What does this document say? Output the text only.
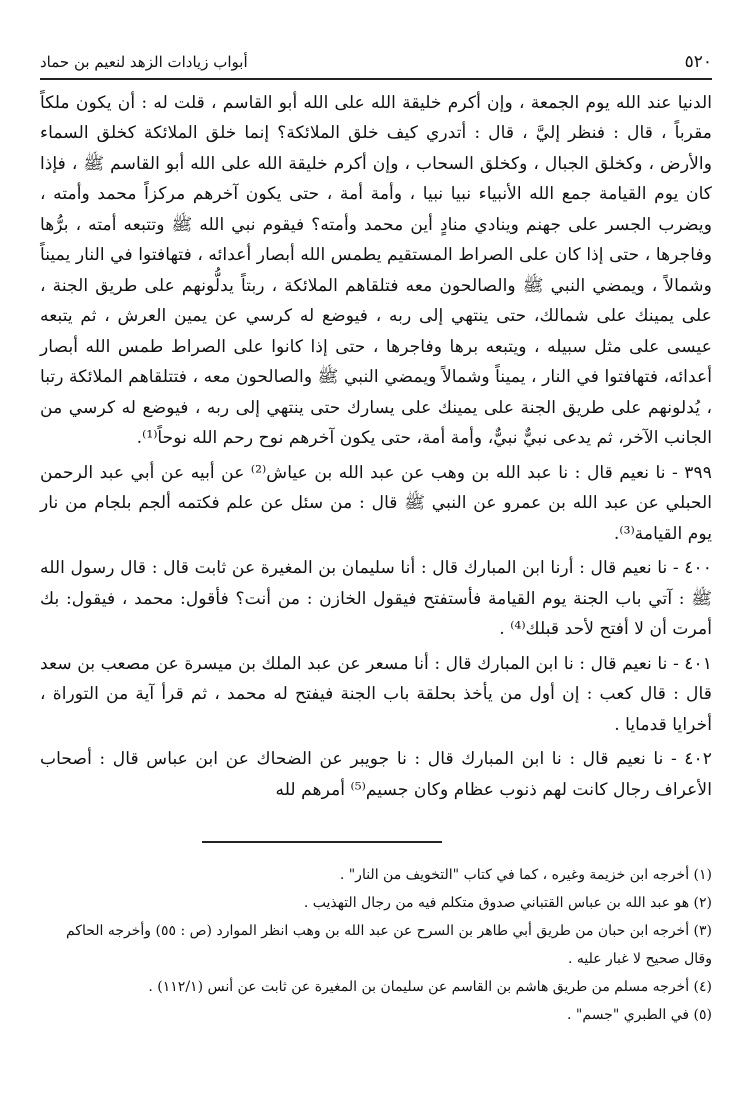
٥٢٠
أبواب زيادات الزهد لنعيم بن حماد

الدنيا عند الله يوم الجمعة ، وإن أكرم خليقة الله على الله أبو القاسم ، قلت له : أن يكون ملكاً مقرباً ، قال : فنظر إليَّ ، قال : أتدري كيف خلق الملائكة؟ إنما خلق الملائكة كخلق السماء والأرض ، وكخلق الجبال ، وكخلق السحاب ، وإن أكرم خليقة الله على الله أبو القاسم ﷺ ، فإذا كان يوم القيامة جمع الله الأنبياء نبيا نبيا ، وأمة أمة ، حتى يكون آخرهم مركزاً محمد وأمته ، ويضرب الجسر على جهنم وينادي منادٍ أين محمد وأمته؟ فيقوم نبي الله ﷺ وتتبعه أمته ، برُّها وفاجرها ، حتى إذا كان على الصراط المستقيم يطمس الله أبصار أعدائه ، فتهافتوا في النار يميناً وشمالاً ، ويمضي النبي ﷺ والصالحون معه فتلقاهم الملائكة ، ربتاً يدلُّونهم على طريق الجنة ، على يمينك على شمالك، حتى ينتهي إلى ربه ، فيوضع له كرسي عن يمين العرش ، ثم يتبعه عيسى على مثل سبيله ، ويتبعه برها وفاجرها ، حتى إذا كانوا على الصراط طمس الله أبصار أعدائه، فتهافتوا في النار ، يميناً وشمالاً ويمضي النبي ﷺ والصالحون معه ، فتتلقاهم الملائكة رتبا ، يُدلونهم على طريق الجنة على يمينك على يسارك حتى ينتهي إلى ربه ، فيوضع له كرسي من الجانب الآخر، ثم يدعى نبيٌّ نبيٌّ، وأمة أمة، حتى يكون آخرهم نوح رحم الله نوحاً⁽¹⁾.

٣٩٩ - نا نعيم قال : نا عبد الله بن وهب عن عبد الله بن عياش⁽²⁾ عن أبيه عن أبي عبد الرحمن الحبلي عن عبد الله بن عمرو عن النبي ﷺ قال : من سئل عن علم فكتمه ألجم بلجام من نار يوم القيامة⁽³⁾.

٤٠٠ - نا نعيم قال : أرنا ابن المبارك قال : أنا سليمان بن المغيرة عن ثابت قال : قال رسول الله ﷺ : آتي باب الجنة يوم القيامة فأستفتح فيقول الخازن : من أنت؟ فأقول: محمد ، فيقول: بك أمرت أن لا أفتح لأحد قبلك⁽⁴⁾ .

٤٠١ - نا نعيم قال : نا ابن المبارك قال : أنا مسعر عن عبد الملك بن ميسرة عن مصعب بن سعد قال : قال كعب : إن أول من يأخذ بحلقة باب الجنة فيفتح له محمد ، ثم قرأ آية من التوراة ، أخرايا قدمايا .

٤٠٢ - نا نعيم قال : نا ابن المبارك قال : نا جويبر عن الضحاك عن ابن عباس قال : أصحاب الأعراف رجال كانت لهم ذنوب عظام وكان جسيم⁽⁵⁾ أمرهم لله

(١) أخرجه ابن خزيمة وغيره ، كما في كتاب "التخويف من النار" .

(٢) هو عبد الله بن عباس القتباني صدوق متكلم فيه من رجال التهذيب .

(٣) أخرجه ابن حبان من طريق أبي طاهر بن السرح عن عبد الله بن وهب انظر الموارد (ص : ٥٥) وأخرجه الحاكم وقال صحيح لا غبار عليه .

(٤) أخرجه مسلم من طريق هاشم بن القاسم عن سليمان بن المغيرة عن ثابت عن أنس (١١٢/١) .

(٥) في الطبري "جسم" .
